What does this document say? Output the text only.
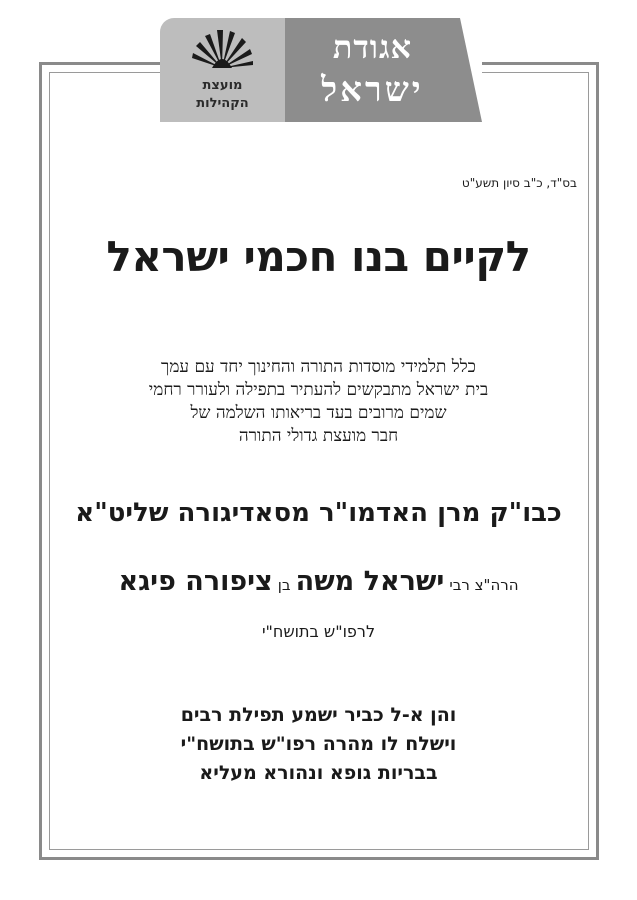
מועצת
הקהילות
אגודת
ישראל
בס"ד, כ"ב סיון תשע"ט
לקיים בנו חכמי ישראל
כלל תלמידי מוסדות התורה והחינוך יחד עם עמך
בית ישראל מתבקשים להעתיר בתפילה ולעורר רחמי
שמים מרובים בעד בריאותו השלמה של
חבר מועצת גדולי התורה
כבו"ק מרן האדמו"ר מסאדיגורה שליט"א
הרה"צ רבי ישראל משה בן ציפורה פיגא
לרפו"ש בתושח"י
והן א-ל כביר ישמע תפילת רבים
וישלח לו מהרה רפו"ש בתושח"י
בבריות גופא ונהורא מעליא
